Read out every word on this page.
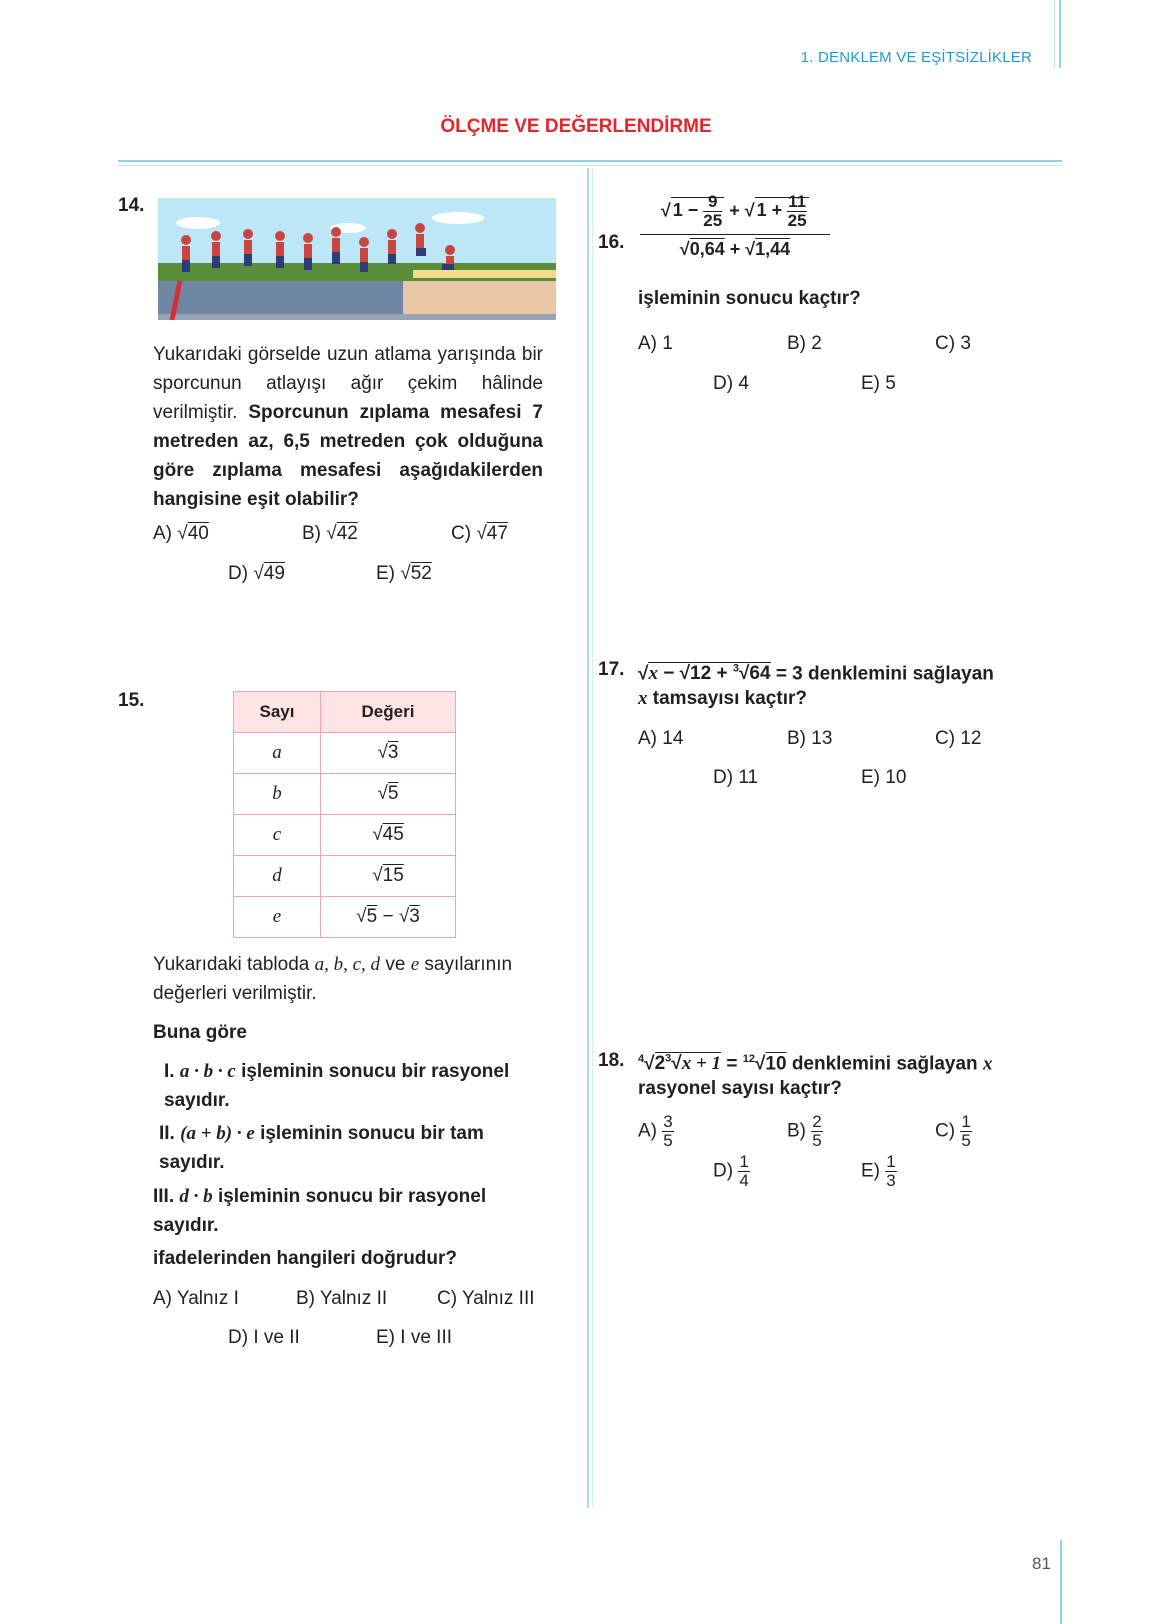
1. DENKLEM VE EŞİTSİZLİKLER
ÖLÇME VE DEĞERLENDİRME
14.
Yukarıdaki görselde uzun atlama yarışında bir sporcunun atlayışı ağır çekim hâlinde verilmiştir. Sporcunun zıplama mesafesi 7 metreden az, 6,5 metreden çok olduğuna göre zıplama mesafesi aşağıdakilerden hangisine eşit olabilir?
A) √40	B) √42	C) √47
D) √49	E) √52
15.
Sayı	Değeri
a	√3
b	√5
c	√45
d	√15
e	√5 − √3
Yukarıdaki tabloda a, b, c, d ve e sayılarının değerleri verilmiştir.
Buna göre
I. a · b · c işleminin sonucu bir rasyonel sayıdır.
II. (a + b) · e işleminin sonucu bir tam sayıdır.
III. d · b işleminin sonucu bir rasyonel sayıdır.
ifadelerinden hangileri doğrudur?
A) Yalnız I	B) Yalnız II	C) Yalnız III
D) I ve II	E) I ve III
16. $\frac{√ 1 - \frac{9}{25} + √ 1 + \frac{11}{25}}{√0,64 + √1,44}$
işleminin sonucu kaçtır?
A) 1	B) 2	C) 3
D) 4	E) 5
17. √x − √12 + $^3$√64 = 3 denklemini sağlayan
x tamsayısı kaçtır?
A) 14	B) 13	C) 12
D) 11	E) 10
18. $^4√2^3√x + 1 = ^{12}√10$ denklemini sağlayan x
rasyonel sayısı kaçtır?
$A) \frac{3}{5}$	$B) \frac{2}{5}$	$C) \frac{1}{5}$
$D) \frac{1}{4}$	$E) \frac{1}{3}$
81
